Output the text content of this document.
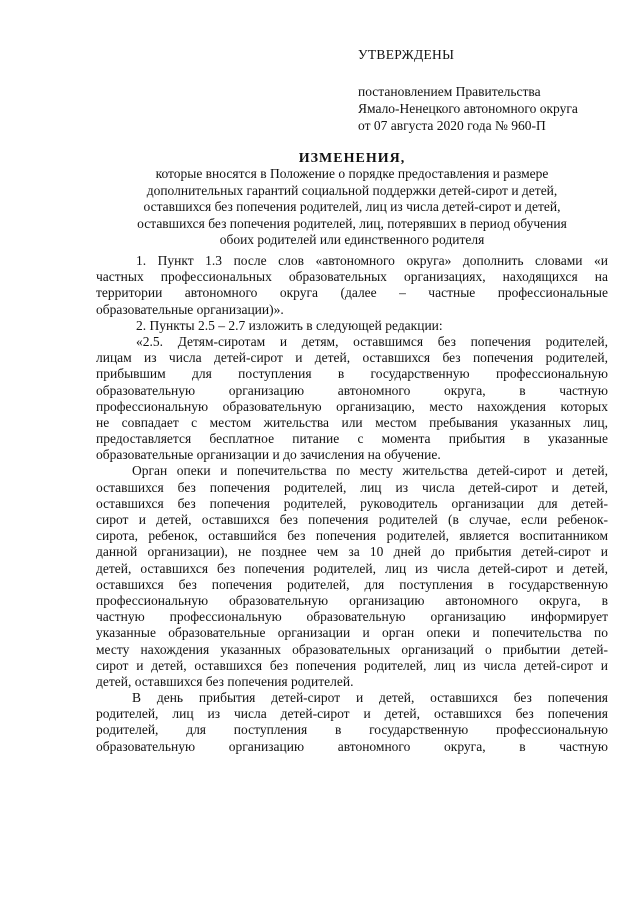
УТВЕРЖДЕНЫ
постановлением Правительства
Ямало-Ненецкого автономного округа
от 07 августа 2020 года № 960-П
ИЗМЕНЕНИЯ,
которые вносятся в Положение о порядке предоставления и размере
дополнительных гарантий социальной поддержки детей-сирот и детей,
оставшихся без попечения родителей, лиц из числа детей-сирот и детей,
оставшихся без попечения родителей, лиц, потерявших в период обучения
обоих родителей или единственного родителя
1. Пункт 1.3 после слов «автономного округа» дополнить словами «и
частных профессиональных образовательных организациях, находящихся на
территории автономного округа (далее – частные профессиональные
образовательные организации)».
2. Пункты 2.5 – 2.7 изложить в следующей редакции:
«2.5. Детям-сиротам и детям, оставшимся без попечения родителей,
лицам из числа детей-сирот и детей, оставшихся без попечения родителей,
прибывшим для поступления в государственную профессиональную
образовательную организацию автономного округа, в частную
профессиональную образовательную организацию, место нахождения которых
не совпадает с местом жительства или местом пребывания указанных лиц,
предоставляется бесплатное питание с момента прибытия в указанные
образовательные организации и до зачисления на обучение.
Орган опеки и попечительства по месту жительства детей-сирот и детей,
оставшихся без попечения родителей, лиц из числа детей-сирот и детей,
оставшихся без попечения родителей, руководитель организации для детей-
сирот и детей, оставшихся без попечения родителей (в случае, если ребенок-
сирота, ребенок, оставшийся без попечения родителей, является воспитанником
данной организации), не позднее чем за 10 дней до прибытия детей-сирот и
детей, оставшихся без попечения родителей, лиц из числа детей-сирот и детей,
оставшихся без попечения родителей, для поступления в государственную
профессиональную образовательную организацию автономного округа, в
частную профессиональную образовательную организацию информирует
указанные образовательные организации и орган опеки и попечительства по
месту нахождения указанных образовательных организаций о прибытии детей-
сирот и детей, оставшихся без попечения родителей, лиц из числа детей-сирот и
детей, оставшихся без попечения родителей.
В день прибытия детей-сирот и детей, оставшихся без попечения
родителей, лиц из числа детей-сирот и детей, оставшихся без попечения
родителей, для поступления в государственную профессиональную
образовательную организацию автономного округа, в частную
